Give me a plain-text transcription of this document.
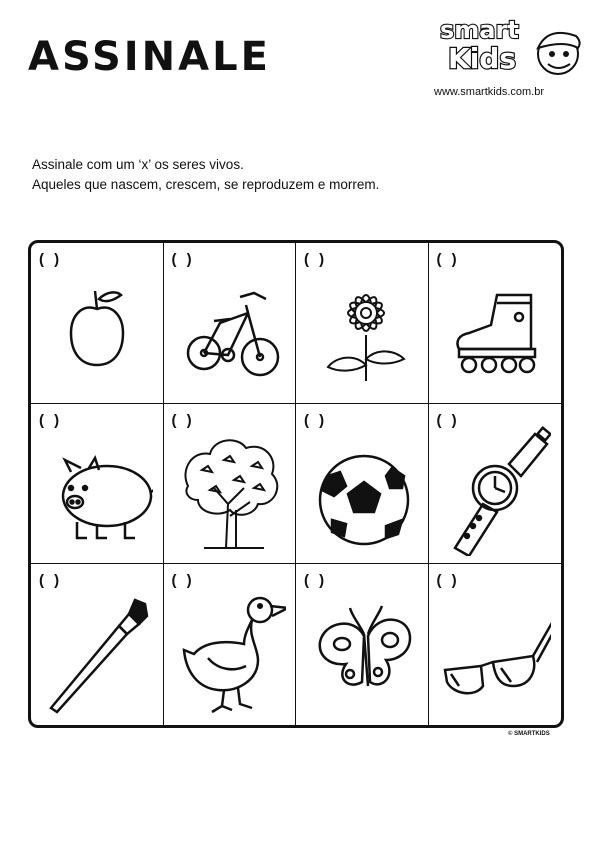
ASSINALE
smart
Kids
www.smartkids.com.br
Assinale com um ‘x’ os seres vivos.
Aqueles que nascem, crescem, se reproduzem e morrem.
( )	( )	( )	( )
( )	( )	( )	( )
( )	( )	( )	( )
© SMARTKIDS
